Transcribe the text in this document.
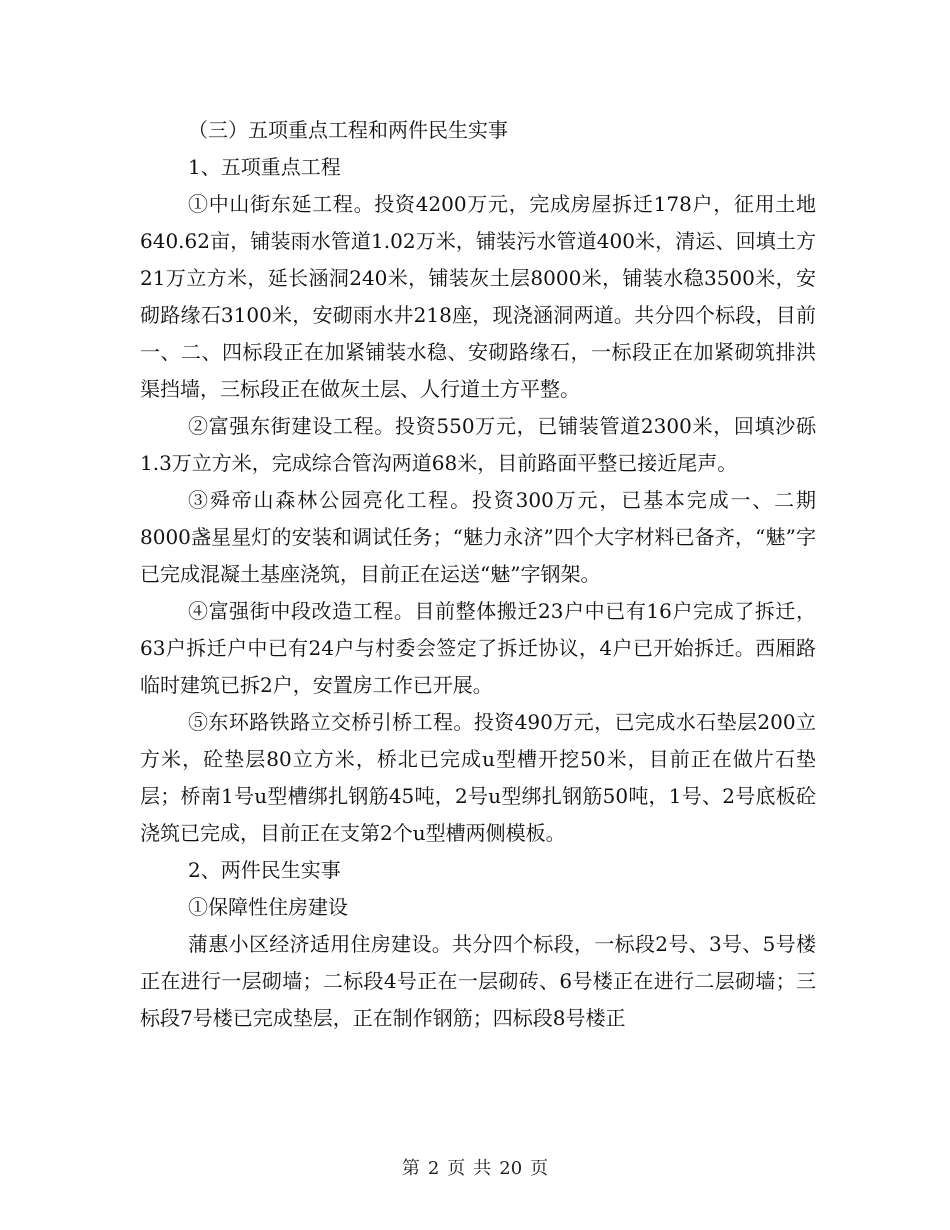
（三）五项重点工程和两件民生实事

1、五项重点工程

①中山街东延工程。投资4200万元，完成房屋拆迁178户，征用土地640.62亩，铺装雨水管道1.02万米，铺装污水管道400米，清运、回填土方21万立方米，延长涵洞240米，铺装灰土层8000米，铺装水稳3500米，安砌路缘石3100米，安砌雨水井218座，现浇涵洞两道。共分四个标段，目前一、二、四标段正在加紧铺装水稳、安砌路缘石，一标段正在加紧砌筑排洪渠挡墙，三标段正在做灰土层、人行道土方平整。

②富强东街建设工程。投资550万元，已铺装管道2300米，回填沙砾1.3万立方米，完成综合管沟两道68米，目前路面平整已接近尾声。

③舜帝山森林公园亮化工程。投资300万元，已基本完成一、二期8000盏星星灯的安装和调试任务；“魅力永济”四个大字材料已备齐，“魅”字已完成混凝土基座浇筑，目前正在运送“魅”字钢架。

④富强街中段改造工程。目前整体搬迁23户中已有16户完成了拆迁，63户拆迁户中已有24户与村委会签定了拆迁协议，4户已开始拆迁。西厢路临时建筑已拆2户，安置房工作已开展。

⑤东环路铁路立交桥引桥工程。投资490万元，已完成水石垫层200立方米，砼垫层80立方米，桥北已完成u型槽开挖50米，目前正在做片石垫层；桥南1号u型槽绑扎钢筋45吨，2号u型绑扎钢筋50吨，1号、2号底板砼浇筑已完成，目前正在支第2个u型槽两侧模板。

2、两件民生实事

①保障性住房建设

蒲惠小区经济适用住房建设。共分四个标段，一标段2号、3号、5号楼正在进行一层砌墙；二标段4号正在一层砌砖、6号楼正在进行二层砌墙；三标段7号楼已完成垫层，正在制作钢筋；四标段8号楼正

第 2 页 共 20 页
